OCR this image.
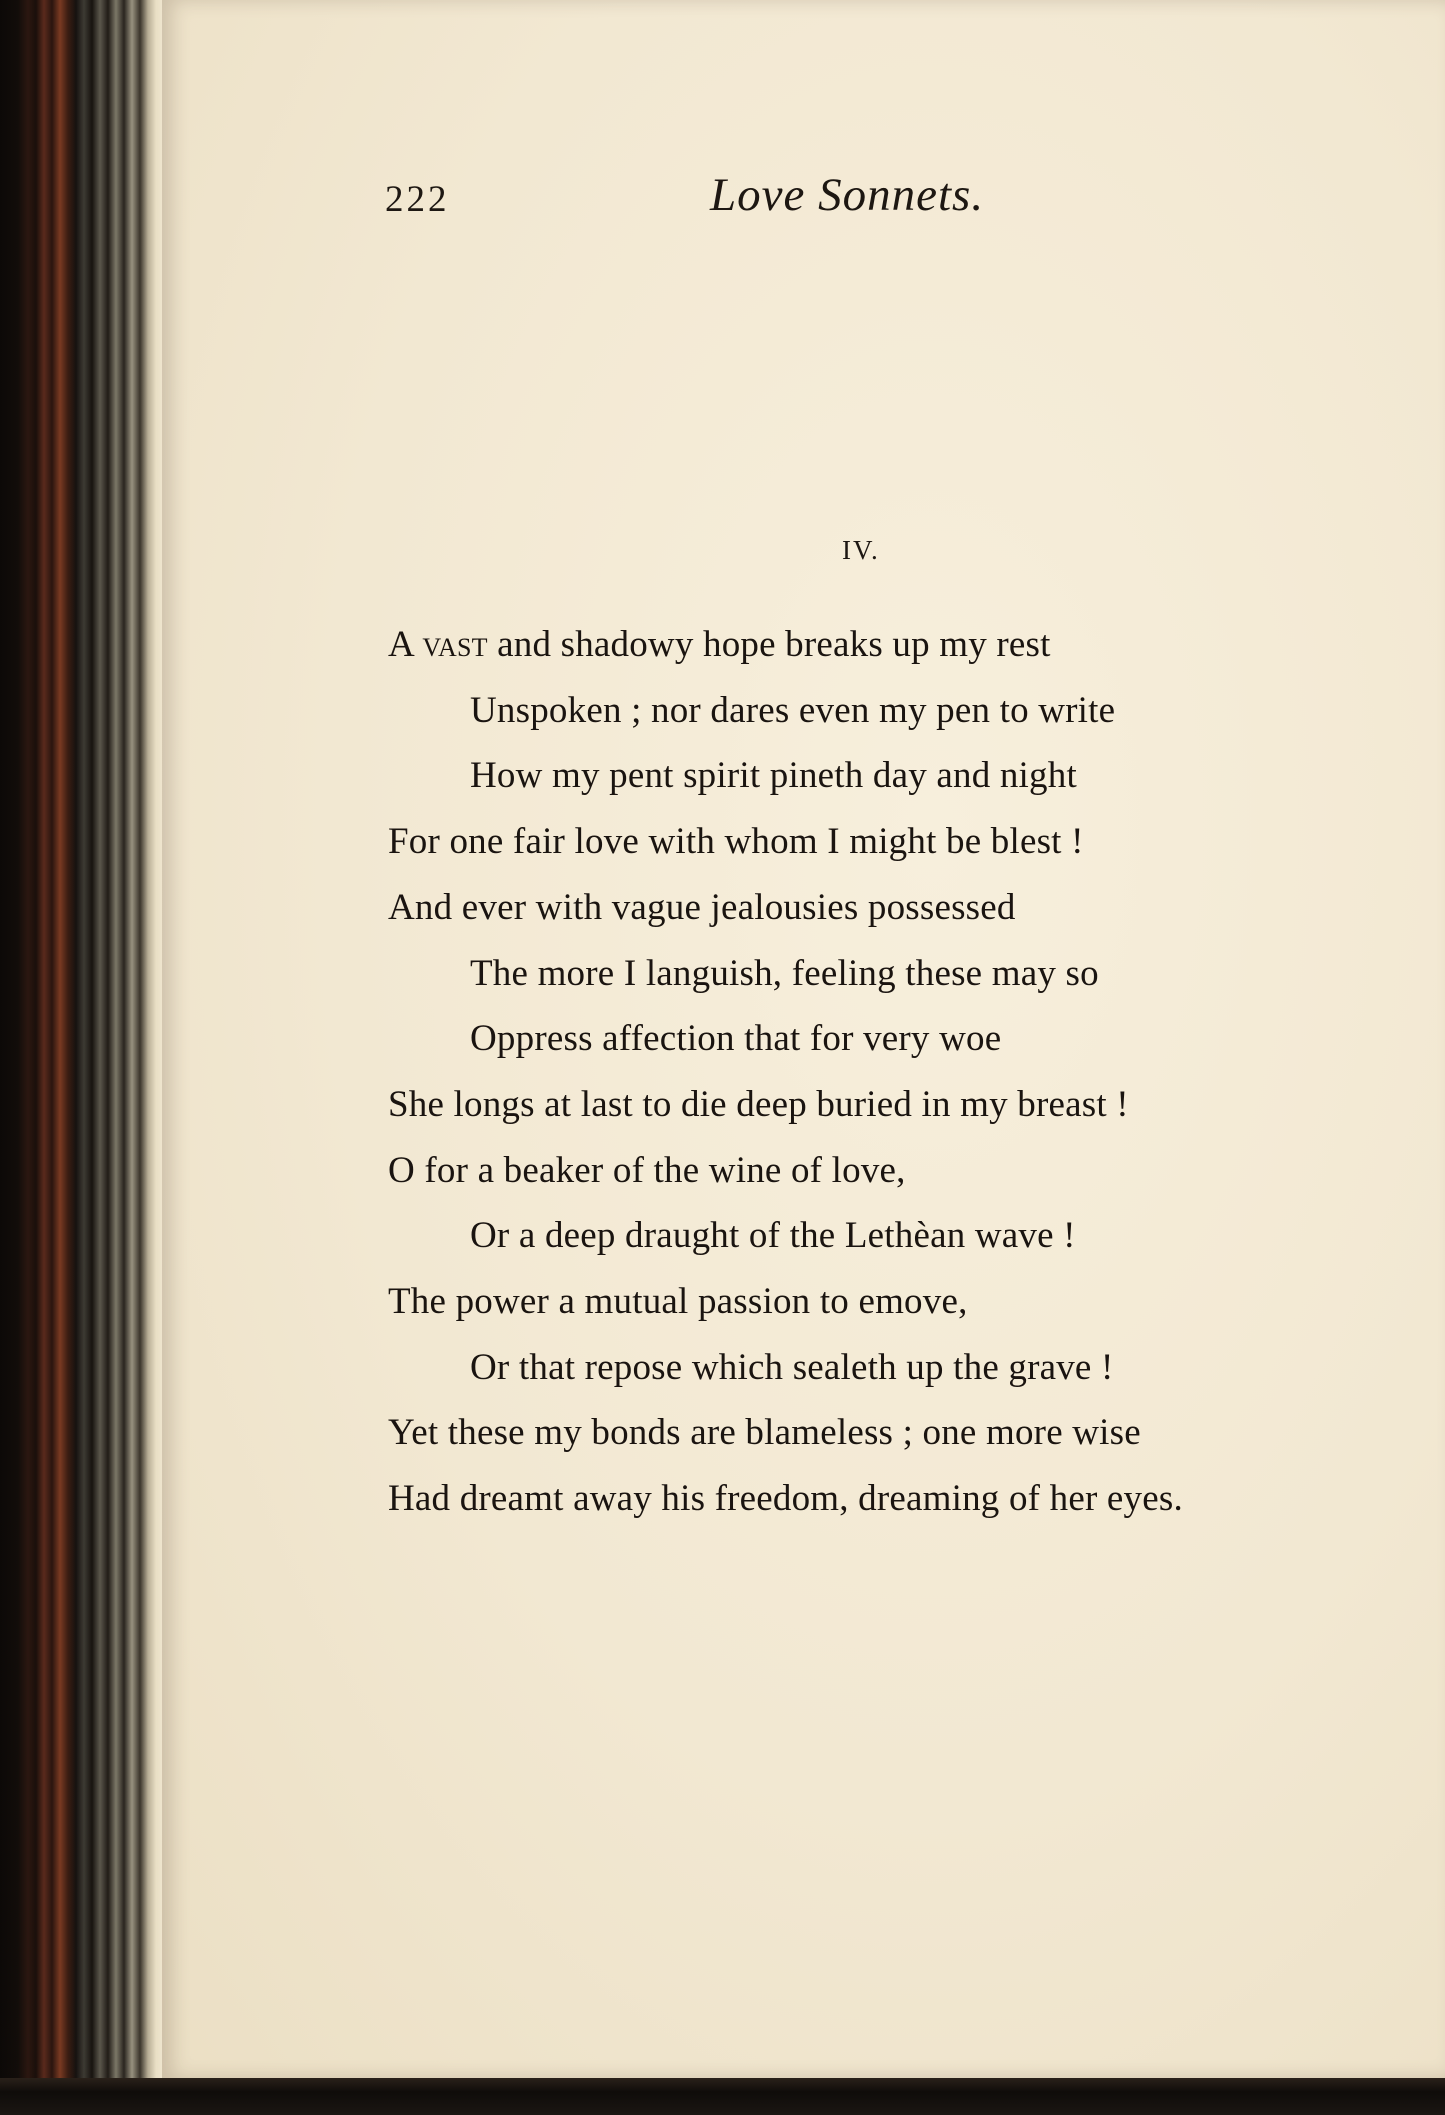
222	Love Sonnets.
IV.
A vast and shadowy hope breaks up my rest
Unspoken ; nor dares even my pen to write
How my pent spirit pineth day and night
For one fair love with whom I might be blest !
And ever with vague jealousies possessed
The more I languish, feeling these may so
Oppress affection that for very woe
She longs at last to die deep buried in my breast !
O for a beaker of the wine of love,
Or a deep draught of the Lethèan wave !
The power a mutual passion to emove,
Or that repose which sealeth up the grave !
Yet these my bonds are blameless ; one more wise
Had dreamt away his freedom, dreaming of her eyes.
